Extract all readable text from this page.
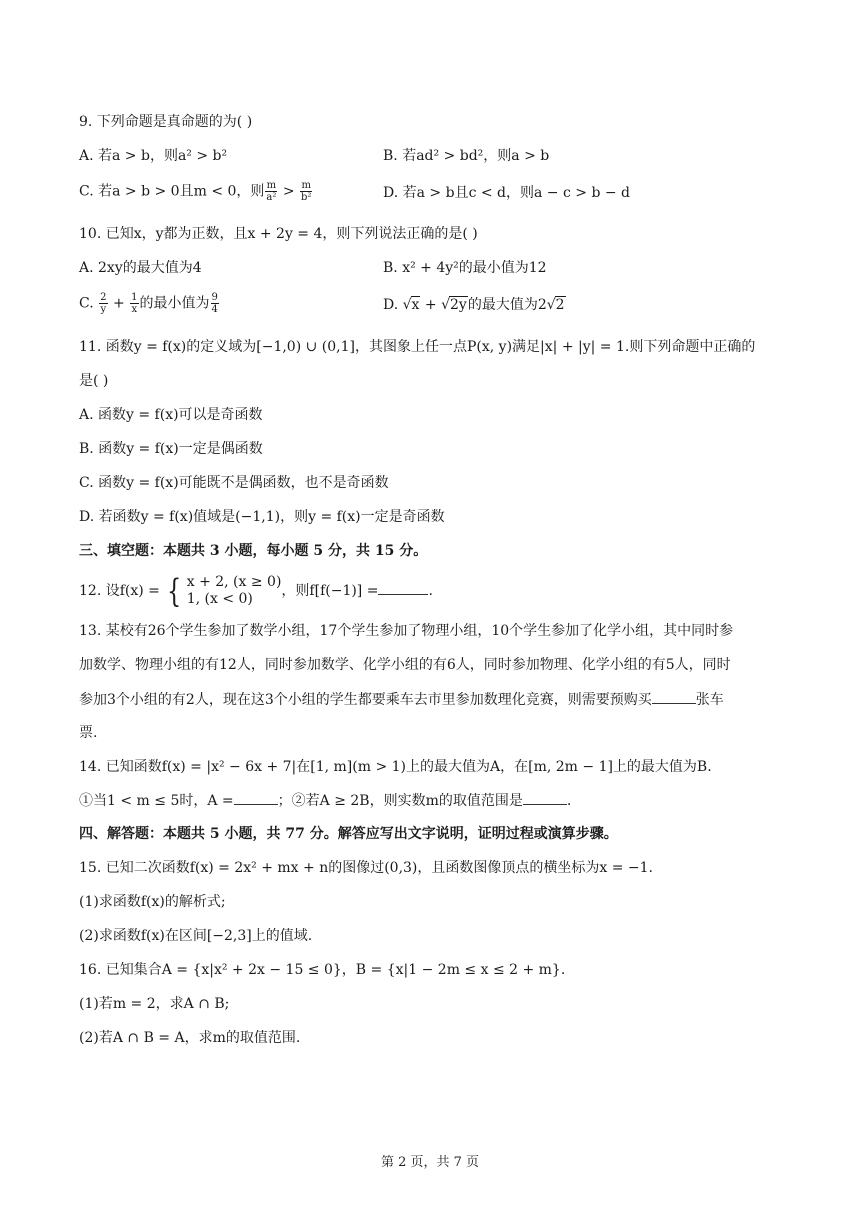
9. 下列命题是真命题的为( )
A. 若a > b，则a² > b²	B. 若ad² > bd²，则a > b
C. 若a > b > 0且m < 0，则 $\frac{m}{\text{a²}} > \frac{m}{\text{b²}}$	D. 若a > b且c < d，则a − c > b − d
10. 已知x，y都为正数，且x + 2y = 4，则下列说法正确的是( )
A. 2xy的最大值为4	B. x² + 4y²的最小值为12
C. $\frac{2}{y} + \frac{1}{x}$ 的最小值为 $\frac{9}{4}$	D. √x + √2y的最大值为2√2
11. 函数y = f(x)的定义域为[−1,0) ∪ (0,1]，其图象上任一点P(x, y)满足|x| + |y| = 1.则下列命题中正确的
是( )
A. 函数y = f(x)可以是奇函数
B. 函数y = f(x)一定是偶函数
C. 函数y = f(x)可能既不是偶函数，也不是奇函数
D. 若函数y = f(x)值域是(−1,1)，则y = f(x)一定是奇函数
三、填空题：本题共 3 小题，每小题 5 分，共 15 分。
12. 设f(x) = { x + 2, (x ≥ 0)
1, (x < 0)	，则f[f(−1)] =	.
13. 某校有26个学生参加了数学小组，17个学生参加了物理小组，10个学生参加了化学小组，其中同时参
加数学、物理小组的有12人，同时参加数学、化学小组的有6人，同时参加物理、化学小组的有5人，同时
参加3个小组的有2人，现在这3个小组的学生都要乘车去市里参加数理化竞赛，则需要预购买	张车
票.
14. 已知函数f(x) = |x² − 6x + 7|在[1, m](m > 1)上的最大值为A，在[m, 2m − 1]上的最大值为B.
①当1 < m ≤ 5时，A =	；②若A ≥ 2B，则实数m的取值范围是	.
四、解答题：本题共 5 小题，共 77 分。解答应写出文字说明，证明过程或演算步骤。
15. 已知二次函数f(x) = 2x² + mx + n的图像过(0,3)，且函数图像顶点的横坐标为x = −1.
(1)求函数f(x)的解析式;
(2)求函数f(x)在区间[−2,3]上的值域.
16. 已知集合A = {x|x² + 2x − 15 ≤ 0}，B = {x|1 − 2m ≤ x ≤ 2 + m}.
(1)若m = 2，求A ∩ B;
(2)若A ∩ B = A，求m的取值范围.
第 2 页，共 7 页
